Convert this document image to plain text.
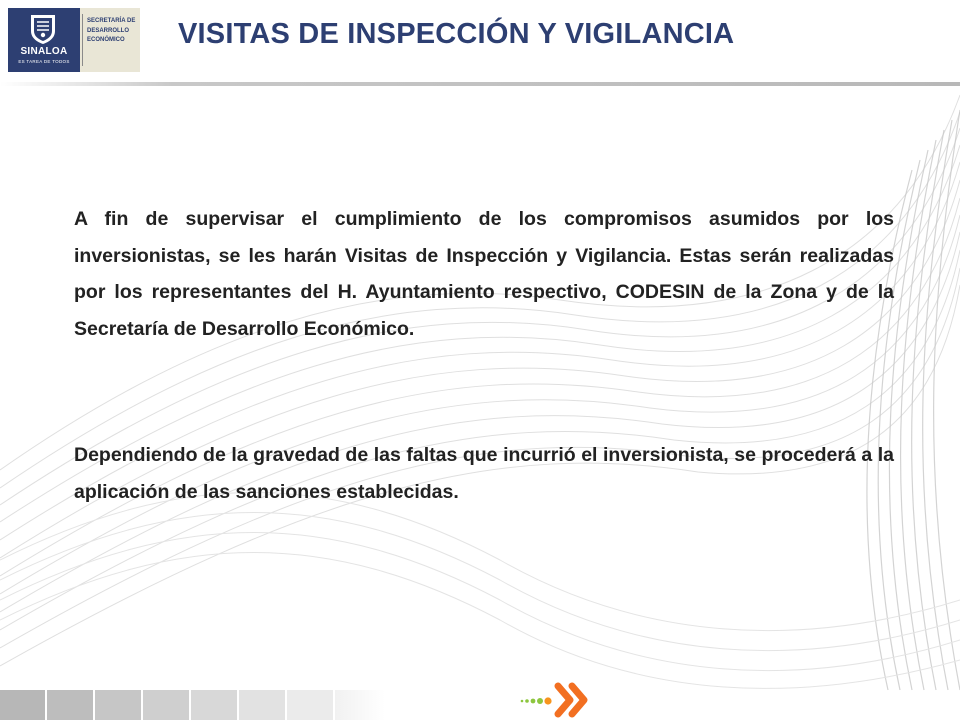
SINALOA
ES TAREA DE TODOS
SECRETARÍA DE
DESARROLLO
ECONÓMICO	VISITAS DE INSPECCIÓN Y VIGILANCIA

A fin de supervisar el cumplimiento de los compromisos asumidos por los inversionistas, se les harán Visitas de Inspección y Vigilancia. Estas serán realizadas por los representantes del H. Ayuntamiento respectivo, CODESIN de la Zona y de la Secretaría de Desarrollo Económico.

Dependiendo de la gravedad de las faltas que incurrió el inversionista, se procederá a la aplicación de las sanciones establecidas.
